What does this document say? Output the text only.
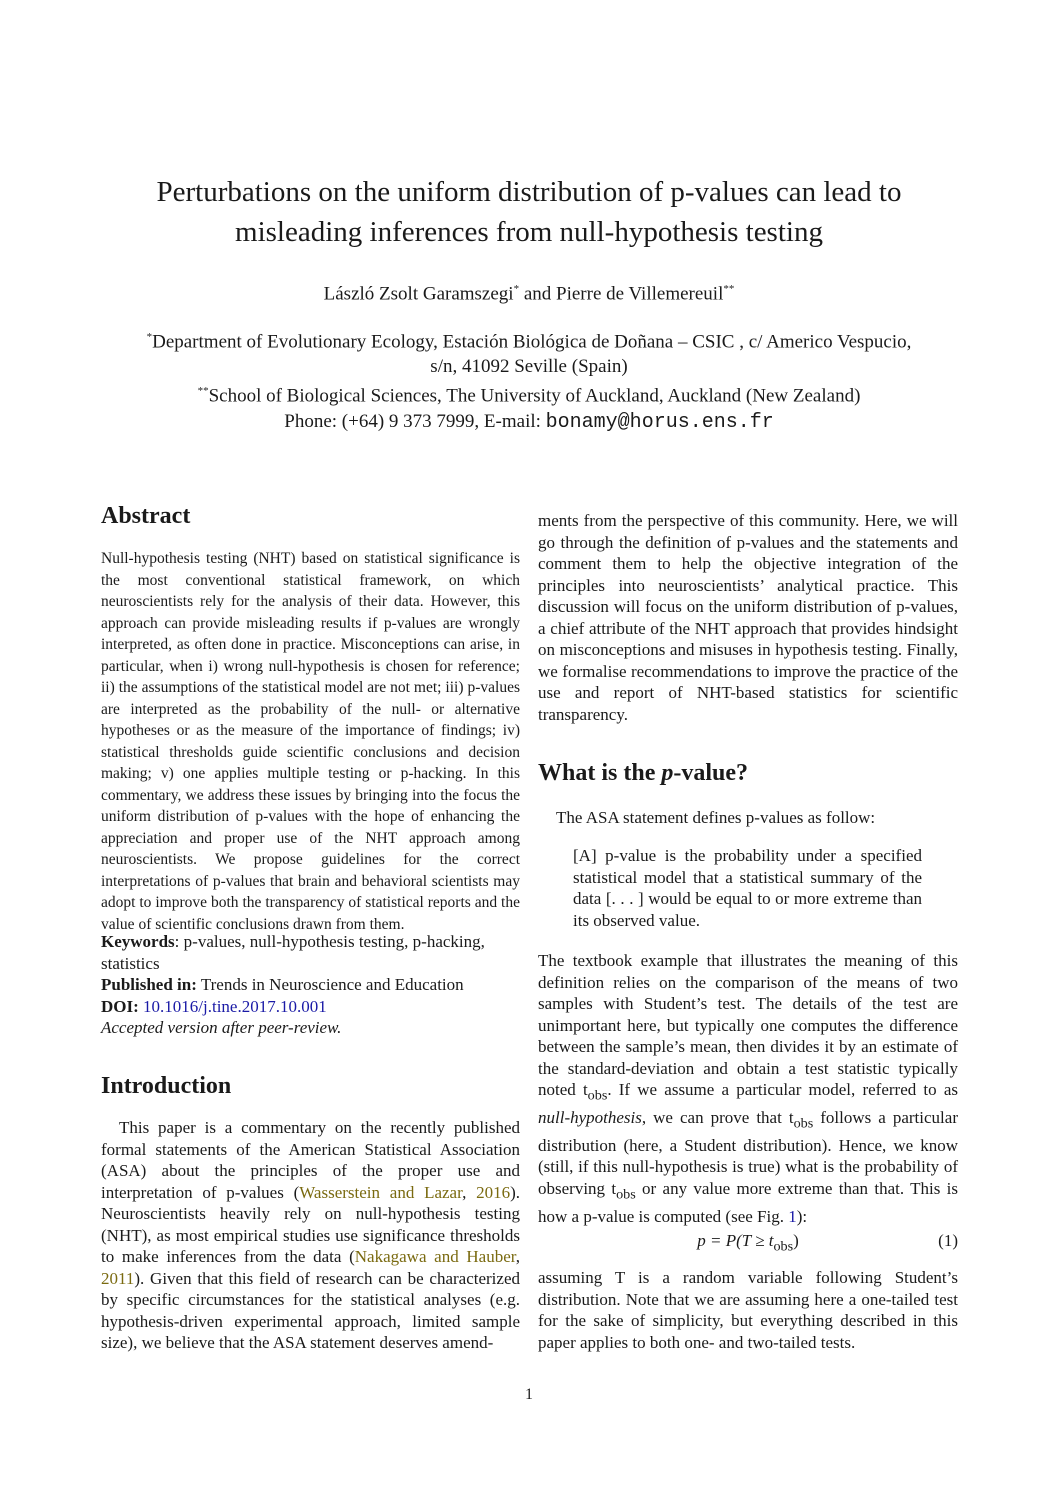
Perturbations on the uniform distribution of p-values can lead to
misleading inferences from null-hypothesis testing
László Zsolt Garamszegi* and Pierre de Villemereuil**
*Department of Evolutionary Ecology, Estación Biológica de Doñana – CSIC , c/ Americo Vespucio,
s/n, 41092 Seville (Spain)
**School of Biological Sciences, The University of Auckland, Auckland (New Zealand)
Phone: (+64) 9 373 7999, E-mail: bonamy@horus.ens.fr
Abstract

Null-hypothesis testing (NHT) based on statistical significance is the most conventional statistical framework, on which neuroscientists rely for the analysis of their data. However, this approach can provide misleading results if p-values are wrongly interpreted, as often done in practice. Misconceptions can arise, in particular, when i) wrong null-hypothesis is chosen for reference; ii) the assumptions of the statistical model are not met; iii) p-values are interpreted as the probability of the null- or alternative hypotheses or as the measure of the importance of findings; iv) statistical thresholds guide scientific conclusions and decision making; v) one applies multiple testing or p-hacking. In this commentary, we address these issues by bringing into the focus the uniform distribution of p-values with the hope of enhancing the appreciation and proper use of the NHT approach among neuroscientists. We propose guidelines for the correct interpretations of p-values that brain and behavioral scientists may adopt to improve both the transparency of statistical reports and the value of scientific conclusions drawn from them.

Keywords: p-values, null-hypothesis testing, p-hacking, statistics
Published in: Trends in Neuroscience and Education
DOI: 10.1016/j.tine.2017.10.001
Accepted version after peer-review.
Introduction

This paper is a commentary on the recently published formal statements of the American Statistical Association (ASA) about the principles of the proper use and interpretation of p-values (Wasserstein and Lazar, 2016). Neuroscientists heavily rely on null-hypothesis testing (NHT), as most empirical studies use significance thresholds to make inferences from the data (Nakagawa and Hauber, 2011). Given that this field of research can be characterized by specific circumstances for the statistical analyses (e.g. hypothesis-driven experimental approach, limited sample size), we believe that the ASA statement deserves amend-

ments from the perspective of this community. Here, we will go through the definition of p-values and the statements and comment them to help the objective integration of the principles into neuroscientists’ analytical practice. This discussion will focus on the uniform distribution of p-values, a chief attribute of the NHT approach that provides hindsight on misconceptions and misuses in hypothesis testing. Finally, we formalise recommendations to improve the practice of the use and report of NHT-based statistics for scientific transparency.

What is the p-value?

The ASA statement defines p-values as follow:

[A] p-value is the probability under a specified statistical model that a statistical summary of the data [. . . ] would be equal to or more extreme than its observed value.

The textbook example that illustrates the meaning of this definition relies on the comparison of the means of two samples with Student’s test. The details of the test are unimportant here, but typically one computes the difference between the sample’s mean, then divides it by an estimate of the standard-deviation and obtain a test statistic typically noted $t_{obs}$. If we assume a particular model, referred to as null-hypothesis, we can prove that $t_{obs}$ follows a particular distribution (here, a Student distribution). Hence, we know (still, if this null-hypothesis is true) what is the probability of observing $t_{obs}$ or any value more extreme than that. This is how a p-value is computed (see Fig. 1):

$p = P(T \ge t_{obs})$	(1)

assuming T is a random variable following Student’s distribution. Note that we are assuming here a one-tailed test for the sake of simplicity, but everything described in this paper applies to both one- and two-tailed tests.

1
